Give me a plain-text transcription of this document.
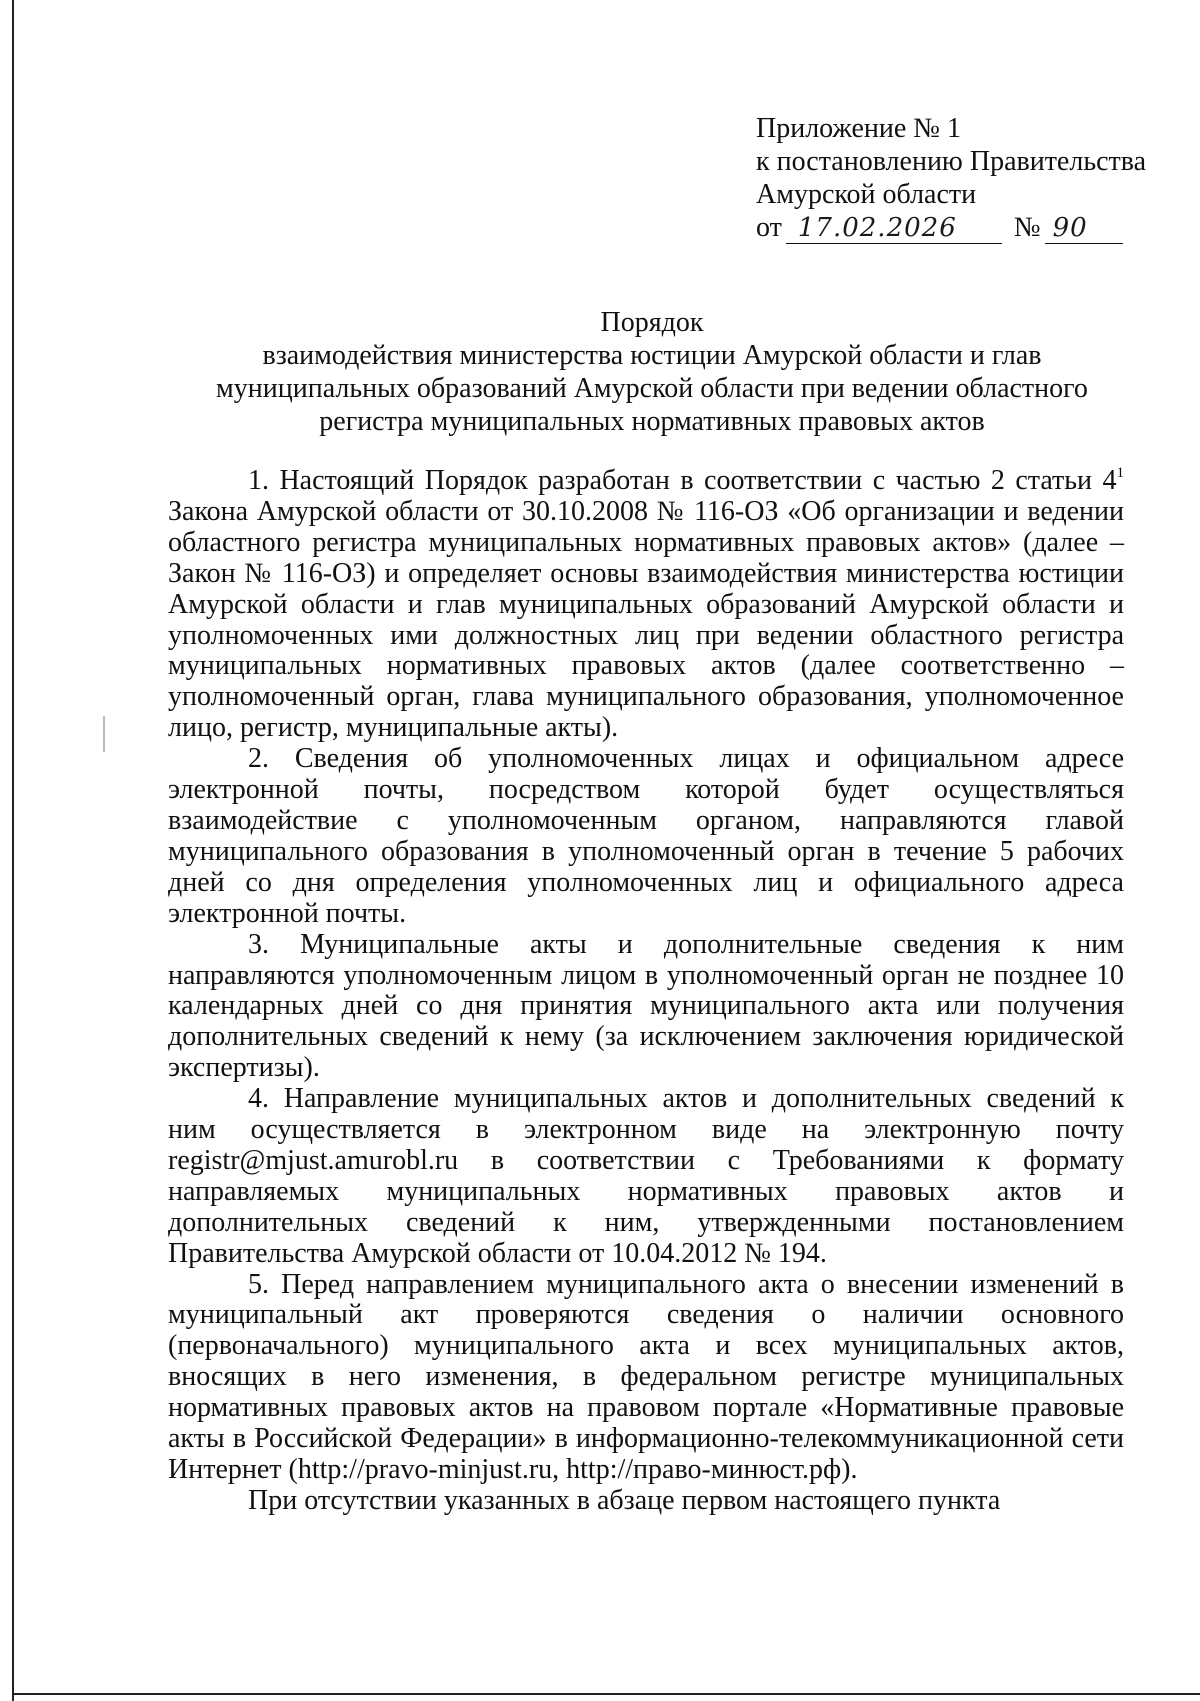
Приложение № 1
к постановлению Правительства
Амурской области
от 17.02.2026	№ 90
Порядок
взаимодействия министерства юстиции Амурской области и глав
муниципальных образований Амурской области при ведении областного
регистра муниципальных нормативных правовых актов

1. Настоящий Порядок разработан в соответствии с частью 2 статьи $4^1$ Закона Амурской области от 30.10.2008 № 116-ОЗ «Об организации и ведении областного регистра муниципальных нормативных правовых актов» (далее – Закон № 116-ОЗ) и определяет основы взаимодействия министерства юстиции Амурской области и глав муниципальных образований Амурской области и уполномоченных ими должностных лиц при ведении областного регистра муниципальных нормативных правовых актов (далее соответственно – уполномоченный орган, глава муниципального образования, уполномоченное лицо, регистр, муниципальные акты).

2. Сведения об уполномоченных лицах и официальном адресе электронной почты, посредством которой будет осуществляться взаимодействие с уполномоченным органом, направляются главой муниципального образования в уполномоченный орган в течение 5 рабочих дней со дня определения уполномоченных лиц и официального адреса электронной почты.

3. Муниципальные акты и дополнительные сведения к ним направляются уполномоченным лицом в уполномоченный орган не позднее 10 календарных дней со дня принятия муниципального акта или получения дополнительных сведений к нему (за исключением заключения юридической экспертизы).

4. Направление муниципальных актов и дополнительных сведений к ним осуществляется в электронном виде на электронную почту registr@mjust.amurobl.ru в соответствии с Требованиями к формату направляемых муниципальных нормативных правовых актов и дополнительных сведений к ним, утвержденными постановлением Правительства Амурской области от 10.04.2012 № 194.

5. Перед направлением муниципального акта о внесении изменений в муниципальный акт проверяются сведения о наличии основного (первоначального) муниципального акта и всех муниципальных актов, вносящих в него изменения, в федеральном регистре муниципальных нормативных правовых актов на правовом портале «Нормативные правовые акты в Российской Федерации» в информационно-телекоммуникационной сети Интернет (http://pravo-minjust.ru, http://право-минюст.рф).

При отсутствии указанных в абзаце первом настоящего пункта
